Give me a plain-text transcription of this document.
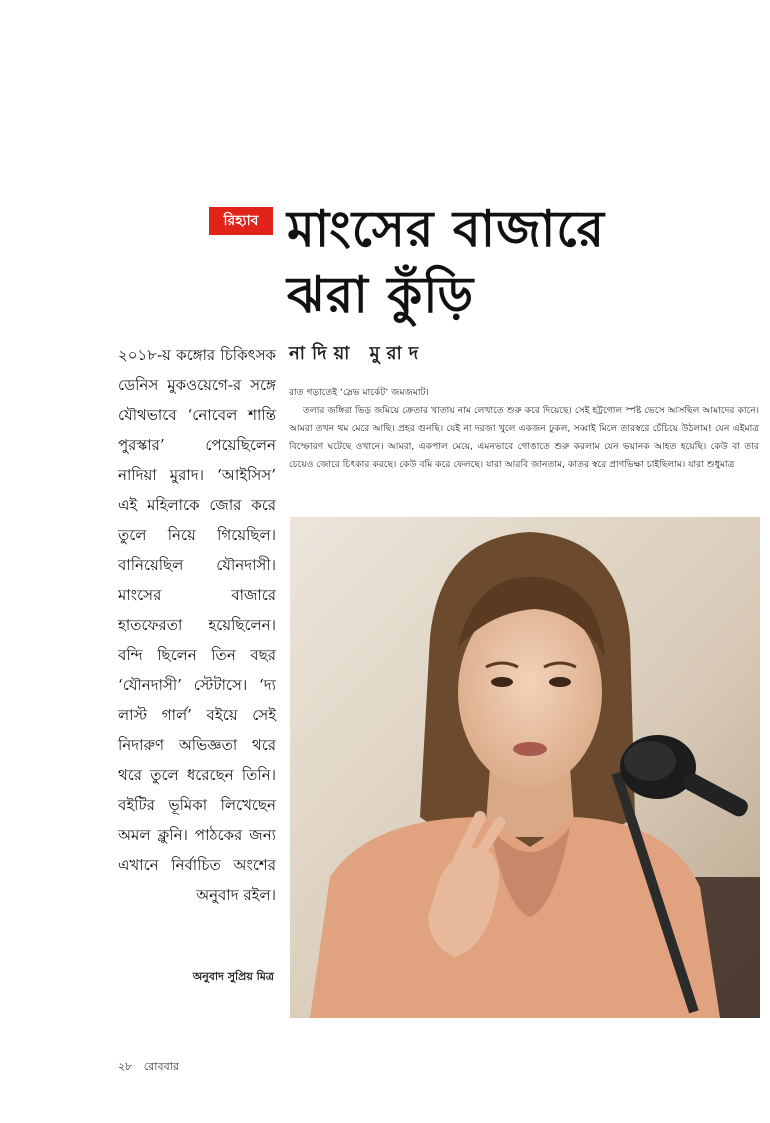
রিহ্যাব মাংসের বাজারে
ঝরা কুঁড়ি
নাদিয়া মুরাদ
২০১৮-য় কঙ্গোর চিকিৎসক ডেনিস মুকওয়েগে-র সঙ্গে যৌথভাবে ‘নোবেল শান্তি পুরস্কার’ পেয়েছিলেন নাদিয়া মুরাদ। ‘আইসিস’ এই মহিলাকে জোর করে তুলে নিয়ে গিয়েছিল। বানিয়েছিল যৌনদাসী। মাংসের বাজারে হাতফেরতা হয়েছিলেন। বন্দি ছিলেন তিন বছর ‘যৌনদাসী’ স্টেটাসে। ‘দ্য লাস্ট গার্ল’ বইয়ে সেই নিদারুণ অভিজ্ঞতা থরে থরে তুলে ধরেছেন তিনি। বইটির ভূমিকা লিখেছেন অমল ক্লুনি। পাঠকের জন্য এখানে নির্বাচিত অংশের অনুবাদ রইল।
অনুবাদ সুপ্রিয় মিত্র

রাত গড়াতেই ‘স্লেভ মার্কেট’ জমজমাট।

তলার জঙ্গিরা ভিড় জমিয়ে ক্রেতার খাতায় নাম লেখাতে শুরু করে দিয়েছে। সেই হট্টগোল স্পষ্ট ভেসে আসছিল আমাদের কানে। আমরা তখন থম মেরে আছি। প্রহর গুনছি। যেই না দরজা খুলে একজন ঢুকল, সব্বাই মিলে তারস্বরে চেঁচিয়ে উঠলাম! যেন এইমাত্র বিস্ফোরণ ঘটেছে ওখানে। আমরা, একপাল মেয়ে, এমনভাবে গোঙাতে শুরু করলাম যেন ভয়ানক আহত হয়েছি। কেউ বা তার চেয়েও জোরে চিৎকার করছে। কেউ বমি করে ফেলছে। যারা আরবি জানতাম, কাতর স্বরে প্রাণভিক্ষা চাইছিলাম। যারা শুধুমাত্র

২৮ রোববার
